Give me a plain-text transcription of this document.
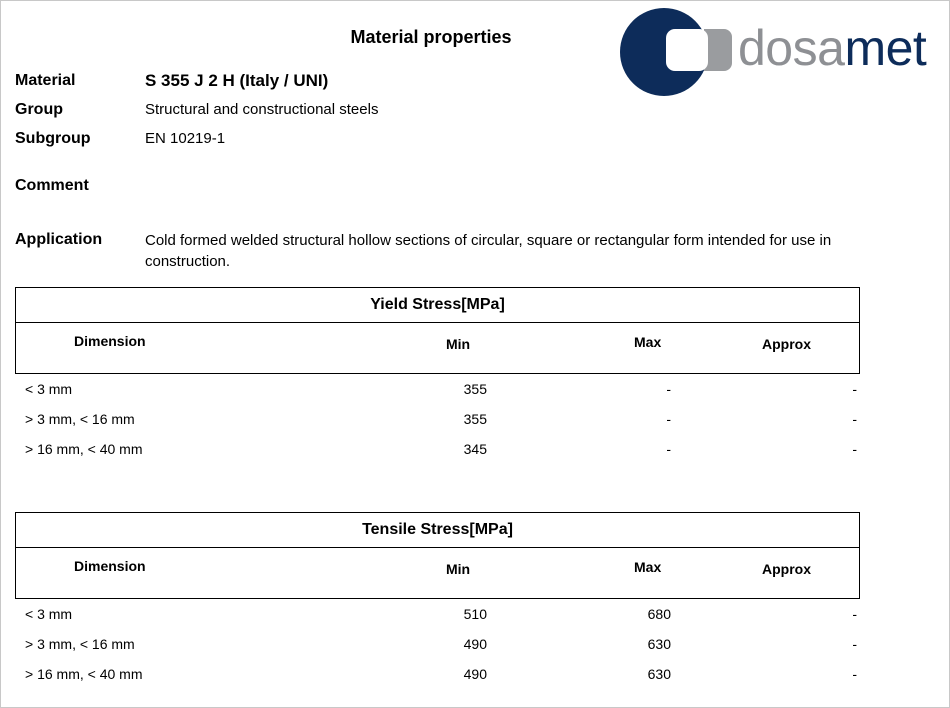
Material properties	dosamet
Material	S 355 J 2 H (Italy / UNI)
Group	Structural and constructional steels
Subgroup	EN 10219-1
Comment
Application	Cold formed welded structural hollow sections of circular, square or rectangular form intended for use in construction.
Yield Stress[MPa]
Dimension	Min	Max	Approx
< 3 mm	355	-	-
> 3 mm, < 16 mm	355	-	-
> 16 mm, < 40 mm	345	-	-
Tensile Stress[MPa]
Dimension	Min	Max	Approx
< 3 mm	510	680	-
> 3 mm, < 16 mm	490	630	-
> 16 mm, < 40 mm	490	630	-
